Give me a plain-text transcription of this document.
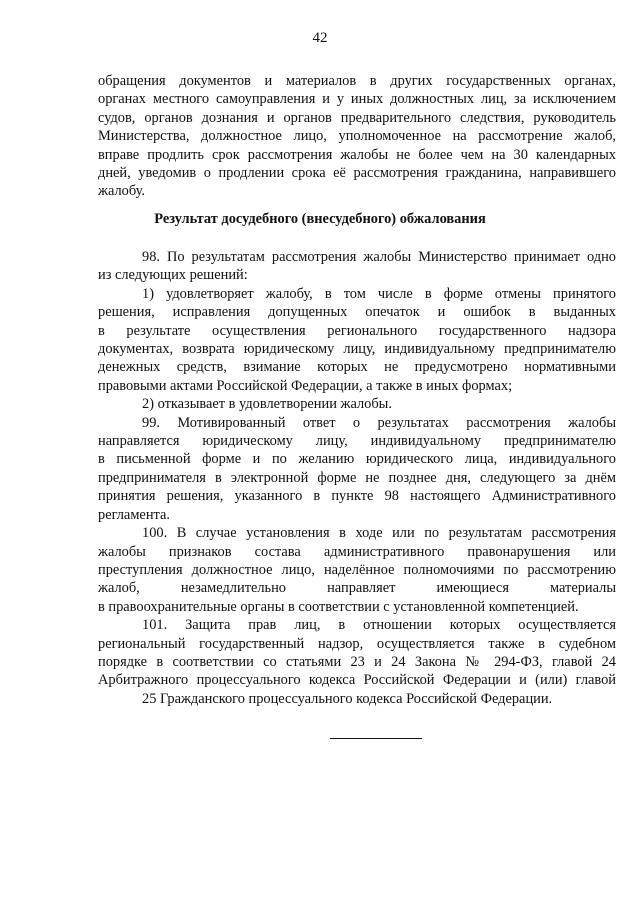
42
обращения документов и материалов в других государственных органах,
органах местного самоуправления и у иных должностных лиц, за исключением
судов, органов дознания и органов предварительного следствия, руководитель
Министерства, должностное лицо, уполномоченное на рассмотрение жалоб,
вправе продлить срок рассмотрения жалобы не более чем на 30 календарных
дней, уведомив о продлении срока её рассмотрения гражданина, направившего
жалобу.
Результат досудебного (внесудебного) обжалования
98. По результатам рассмотрения жалобы Министерство принимает одно
из следующих решений:
1) удовлетворяет жалобу, в том числе в форме отмены принятого
решения, исправления допущенных опечаток и ошибок в выданных
в результате осуществления регионального государственного надзора
документах, возврата юридическому лицу, индивидуальному предпринимателю
денежных средств, взимание которых не предусмотрено нормативными
правовыми актами Российской Федерации, а также в иных формах;
2) отказывает в удовлетворении жалобы.
99. Мотивированный ответ о результатах рассмотрения жалобы
направляется юридическому лицу, индивидуальному предпринимателю
в письменной форме и по желанию юридического лица, индивидуального
предпринимателя в электронной форме не позднее дня, следующего за днём
принятия решения, указанного в пункте 98 настоящего Административного
регламента.
100. В случае установления в ходе или по результатам рассмотрения
жалобы признаков состава административного правонарушения или
преступления должностное лицо, наделённое полномочиями по рассмотрению
жалоб, незамедлительно направляет имеющиеся материалы
в правоохранительные органы в соответствии с установленной компетенцией.
101. Защита прав лиц, в отношении которых осуществляется
региональный государственный надзор, осуществляется также в судебном
порядке в соответствии со статьями 23 и 24 Закона № 294-ФЗ, главой 24
Арбитражного процессуального кодекса Российской Федерации и (или) главой
25 Гражданского процессуального кодекса Российской Федерации.
